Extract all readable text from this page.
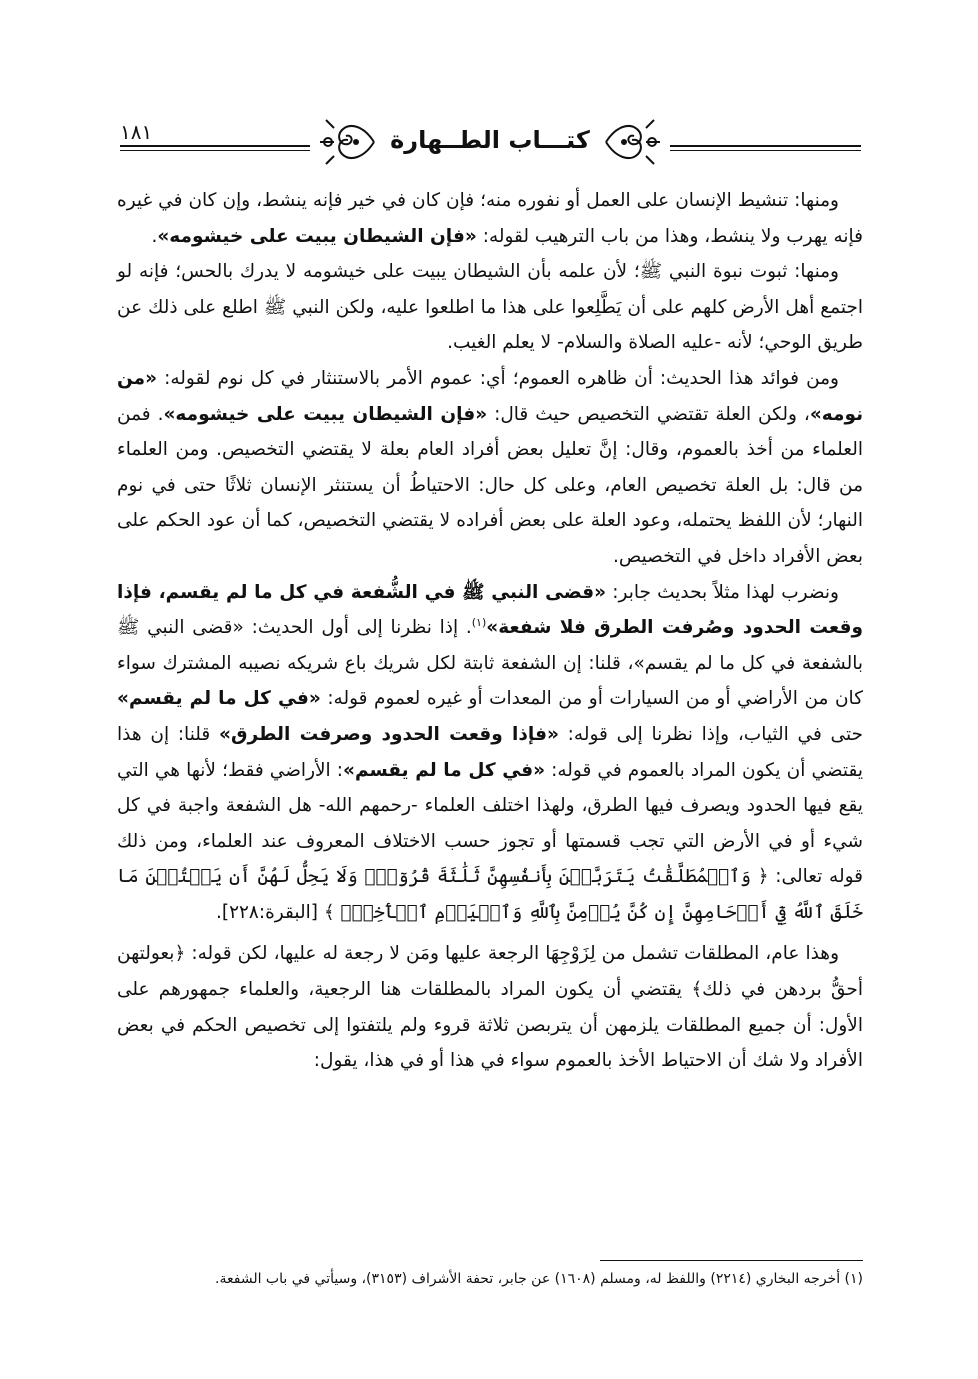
١٨١	كتـــاب الطــهارة

ومنها: تنشيط الإنسان على العمل أو نفوره منه؛ فإن كان في خير فإنه ينشط، وإن كان في غيره فإنه يهرب ولا ينشط، وهذا من باب الترهيب لقوله: «فإن الشيطان يبيت على خيشومه».

ومنها: ثبوت نبوة النبي ﷺ؛ لأن علمه بأن الشيطان يبيت على خيشومه لا يدرك بالحس؛ فإنه لو اجتمع أهل الأرض كلهم على أن يَطَّلِعوا على هذا ما اطلعوا عليه، ولكن النبي ﷺ اطلع على ذلك عن طريق الوحي؛ لأنه -عليه الصلاة والسلام- لا يعلم الغيب.

ومن فوائد هذا الحديث: أن ظاهره العموم؛ أي: عموم الأمر بالاستنثار في كل نوم لقوله: «من نومه»، ولكن العلة تقتضي التخصيص حيث قال: «فإن الشيطان يبيت على خيشومه». فمن العلماء من أخذ بالعموم، وقال: إنَّ تعليل بعض أفراد العام بعلة لا يقتضي التخصيص. ومن العلماء من قال: بل العلة تخصيص العام، وعلى كل حال: الاحتياطُ أن يستنثر الإنسان ثلاثًا حتى في نوم النهار؛ لأن اللفظ يحتمله، وعود العلة على بعض أفراده لا يقتضي التخصيص، كما أن عود الحكم على بعض الأفراد داخل في التخصيص.

ونضرب لهذا مثلاً بحديث جابر: «قضى النبي ﷺ في الشُّفعة في كل ما لم يقسم، فإذا وقعت الحدود وصُرفت الطرق فلا شفعة»$^{(١)}$. إذا نظرنا إلى أول الحديث: «قضى النبي ﷺ بالشفعة في كل ما لم يقسم»، قلنا: إن الشفعة ثابتة لكل شريك باع شريكه نصيبه المشترك سواء كان من الأراضي أو من السيارات أو من المعدات أو غيره لعموم قوله: «في كل ما لم يقسم» حتى في الثياب، وإذا نظرنا إلى قوله: «فإذا وقعت الحدود وصرفت الطرق» قلنا: إن هذا يقتضي أن يكون المراد بالعموم في قوله: «في كل ما لم يقسم»: الأراضي فقط؛ لأنها هي التي يقع فيها الحدود ويصرف فيها الطرق، ولهذا اختلف العلماء -رحمهم الله- هل الشفعة واجبة في كل شيء أو في الأرض التي تجب قسمتها أو تجوز حسب الاختلاف المعروف عند العلماء، ومن ذلك قوله تعالى: ﴿ وَٱلۡمُطَلَّقَٰتُ يَتَرَبَّصۡنَ بِأَنفُسِهِنَّ ثَلَٰثَةَ قُرُوٓءٖۚ وَلَا يَحِلُّ لَهُنَّ أَن يَكۡتُمۡنَ مَا خَلَقَ ٱللَّهُ فِيٓ أَرۡحَامِهِنَّ إِن كُنَّ يُؤۡمِنَّ بِٱللَّهِ وَٱلۡيَوۡمِ ٱلۡأٓخِرِۚ ﴾ [البقرة:٢٢٨].

وهذا عام، المطلقات تشمل من لِزَوْجِهَا الرجعة عليها ومَن لا رجعة له عليها، لكن قوله: ﴿بعولتهن أحقُّ بردهن في ذلك﴾ يقتضي أن يكون المراد بالمطلقات هنا الرجعية، والعلماء جمهورهم على الأول: أن جميع المطلقات يلزمهن أن يتربصن ثلاثة قروء ولم يلتفتوا إلى تخصيص الحكم في بعض الأفراد ولا شك أن الاحتياط الأخذ بالعموم سواء في هذا أو في هذا، يقول:

(١) أخرجه البخاري (٢٢١٤) واللفظ له، ومسلم (١٦٠٨) عن جابر، تحفة الأشراف (٣١٥٣)، وسيأتي في باب الشفعة.
